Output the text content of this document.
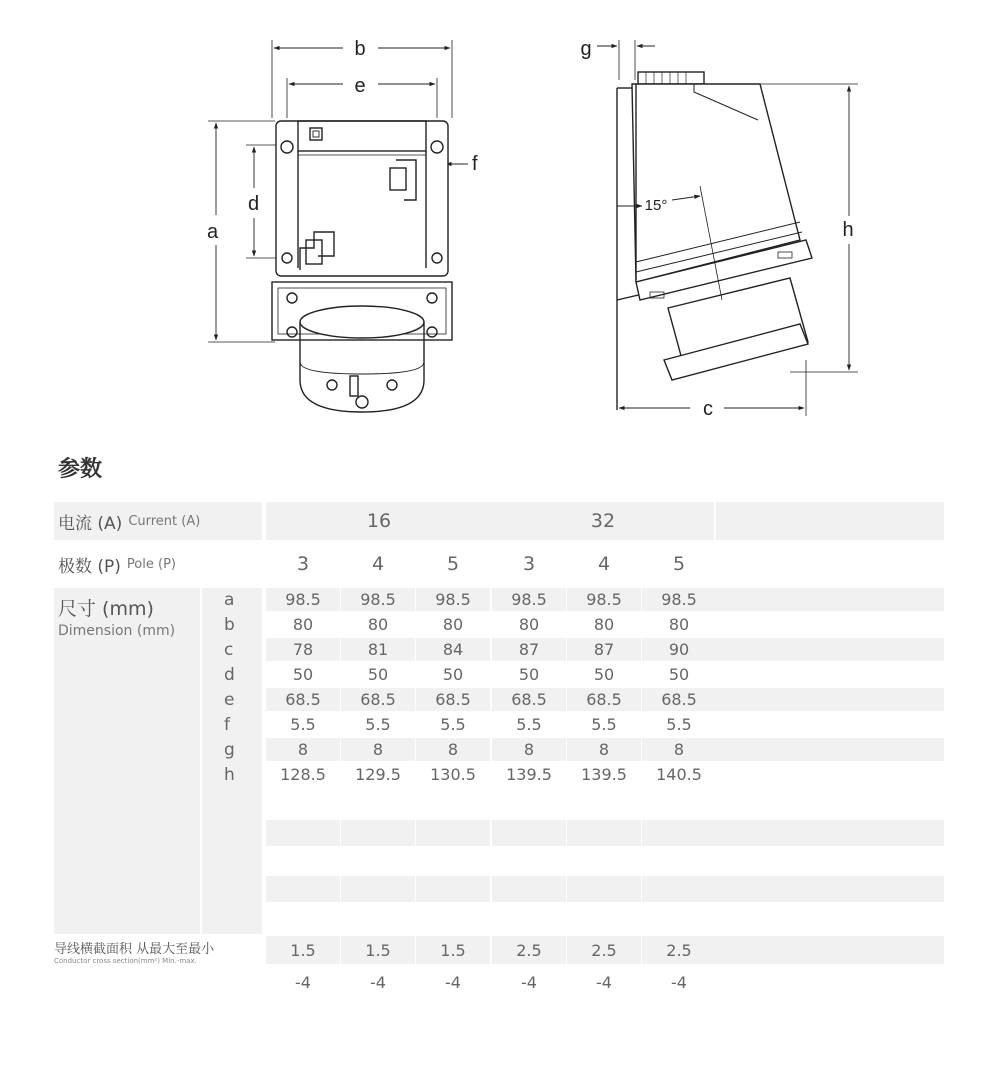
b
e
f
d
a
g
15°
h
c
参数
电流 (A) Current (A)	16	32
极数 (P) Pole (P)	3	4	5	3	4	5
尺寸 (mm)
Dimension (mm)
a	98.5	98.5	98.5	98.5	98.5	98.5
b	80	80	80	80	80	80
c	78	81	84	87	87	90
d	50	50	50	50	50	50
e	68.5	68.5	68.5	68.5	68.5	68.5
f	5.5	5.5	5.5	5.5	5.5	5.5
g	8	8	8	8	8	8
h	128.5	129.5	130.5	139.5	139.5	140.5
导线横截面积 从最大至最小
Conductor cross section(mm²) Min.-max.
1.5	1.5	1.5	2.5	2.5	2.5
-4	-4	-4	-4	-4	-4
